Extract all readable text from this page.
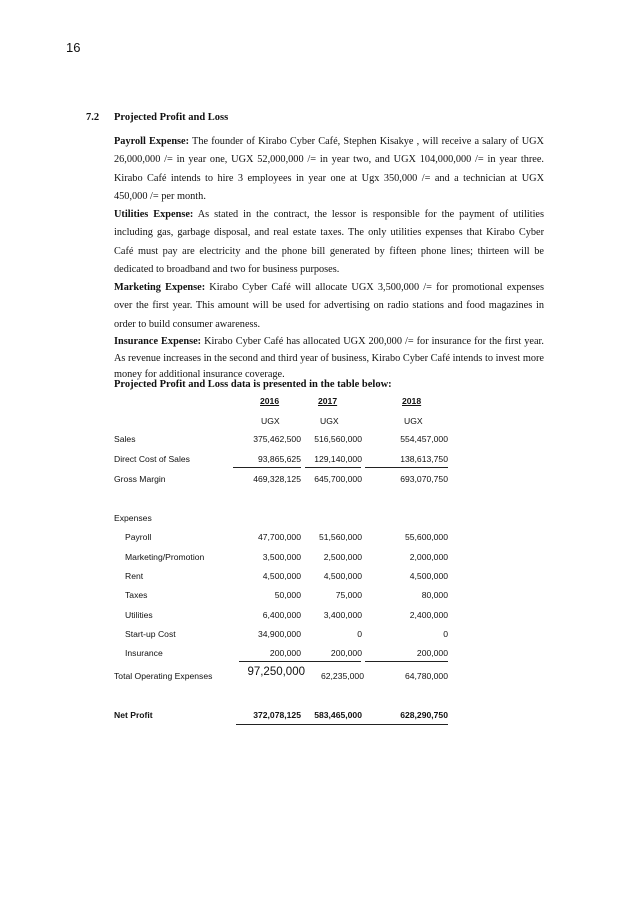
16
7.2 Projected Profit and Loss

Payroll Expense: The founder of Kirabo Cyber Café, Stephen Kisakye , will receive a salary of UGX 26,000,000 /= in year one, UGX 52,000,000 /= in year two, and UGX 104,000,000 /= in year three. Kirabo Café intends to hire 3 employees in year one at Ugx 350,000 /= and a technician at UGX 450,000 /= per month.

Utilities Expense: As stated in the contract, the lessor is responsible for the payment of utilities including gas, garbage disposal, and real estate taxes. The only utilities expenses that Kirabo Cyber Café must pay are electricity and the phone bill generated by fifteen phone lines; thirteen will be dedicated to broadband and two for business purposes.

Marketing Expense: Kirabo Cyber Café will allocate UGX 3,500,000 /= for promotional expenses over the first year. This amount will be used for advertising on radio stations and food magazines in order to build consumer awareness.

Insurance Expense: Kirabo Cyber Café has allocated UGX 200,000 /= for insurance for the first year. As revenue increases in the second and third year of business, Kirabo Cyber Café intends to invest more money for additional insurance coverage.

Projected Profit and Loss data is presented in the table below:
2016	2017	2018
UGX	UGX	UGX
Sales	375,462,500 516,560,000	554,457,000
Direct Cost of Sales	93,865,625 129,140,000	138,613,750
Gross Margin	469,328,125 645,700,000	693,070,750
Expenses
Payroll	47,700,000 51,560,000	55,600,000
Marketing/Promotion	3,500,000	2,500,000	2,000,000
Rent	4,500,000	4,500,000	4,500,000
Taxes	50,000	75,000	80,000
Utilities	6,400,000	3,400,000	2,400,000
Start-up Cost	34,900,000	0	0
Insurance	200,000	200,000	200,000
Total Operating Expenses	97,250,000 62,235,000	64,780,000
Net Profit	372,078,125 583,465,000	628,290,750
